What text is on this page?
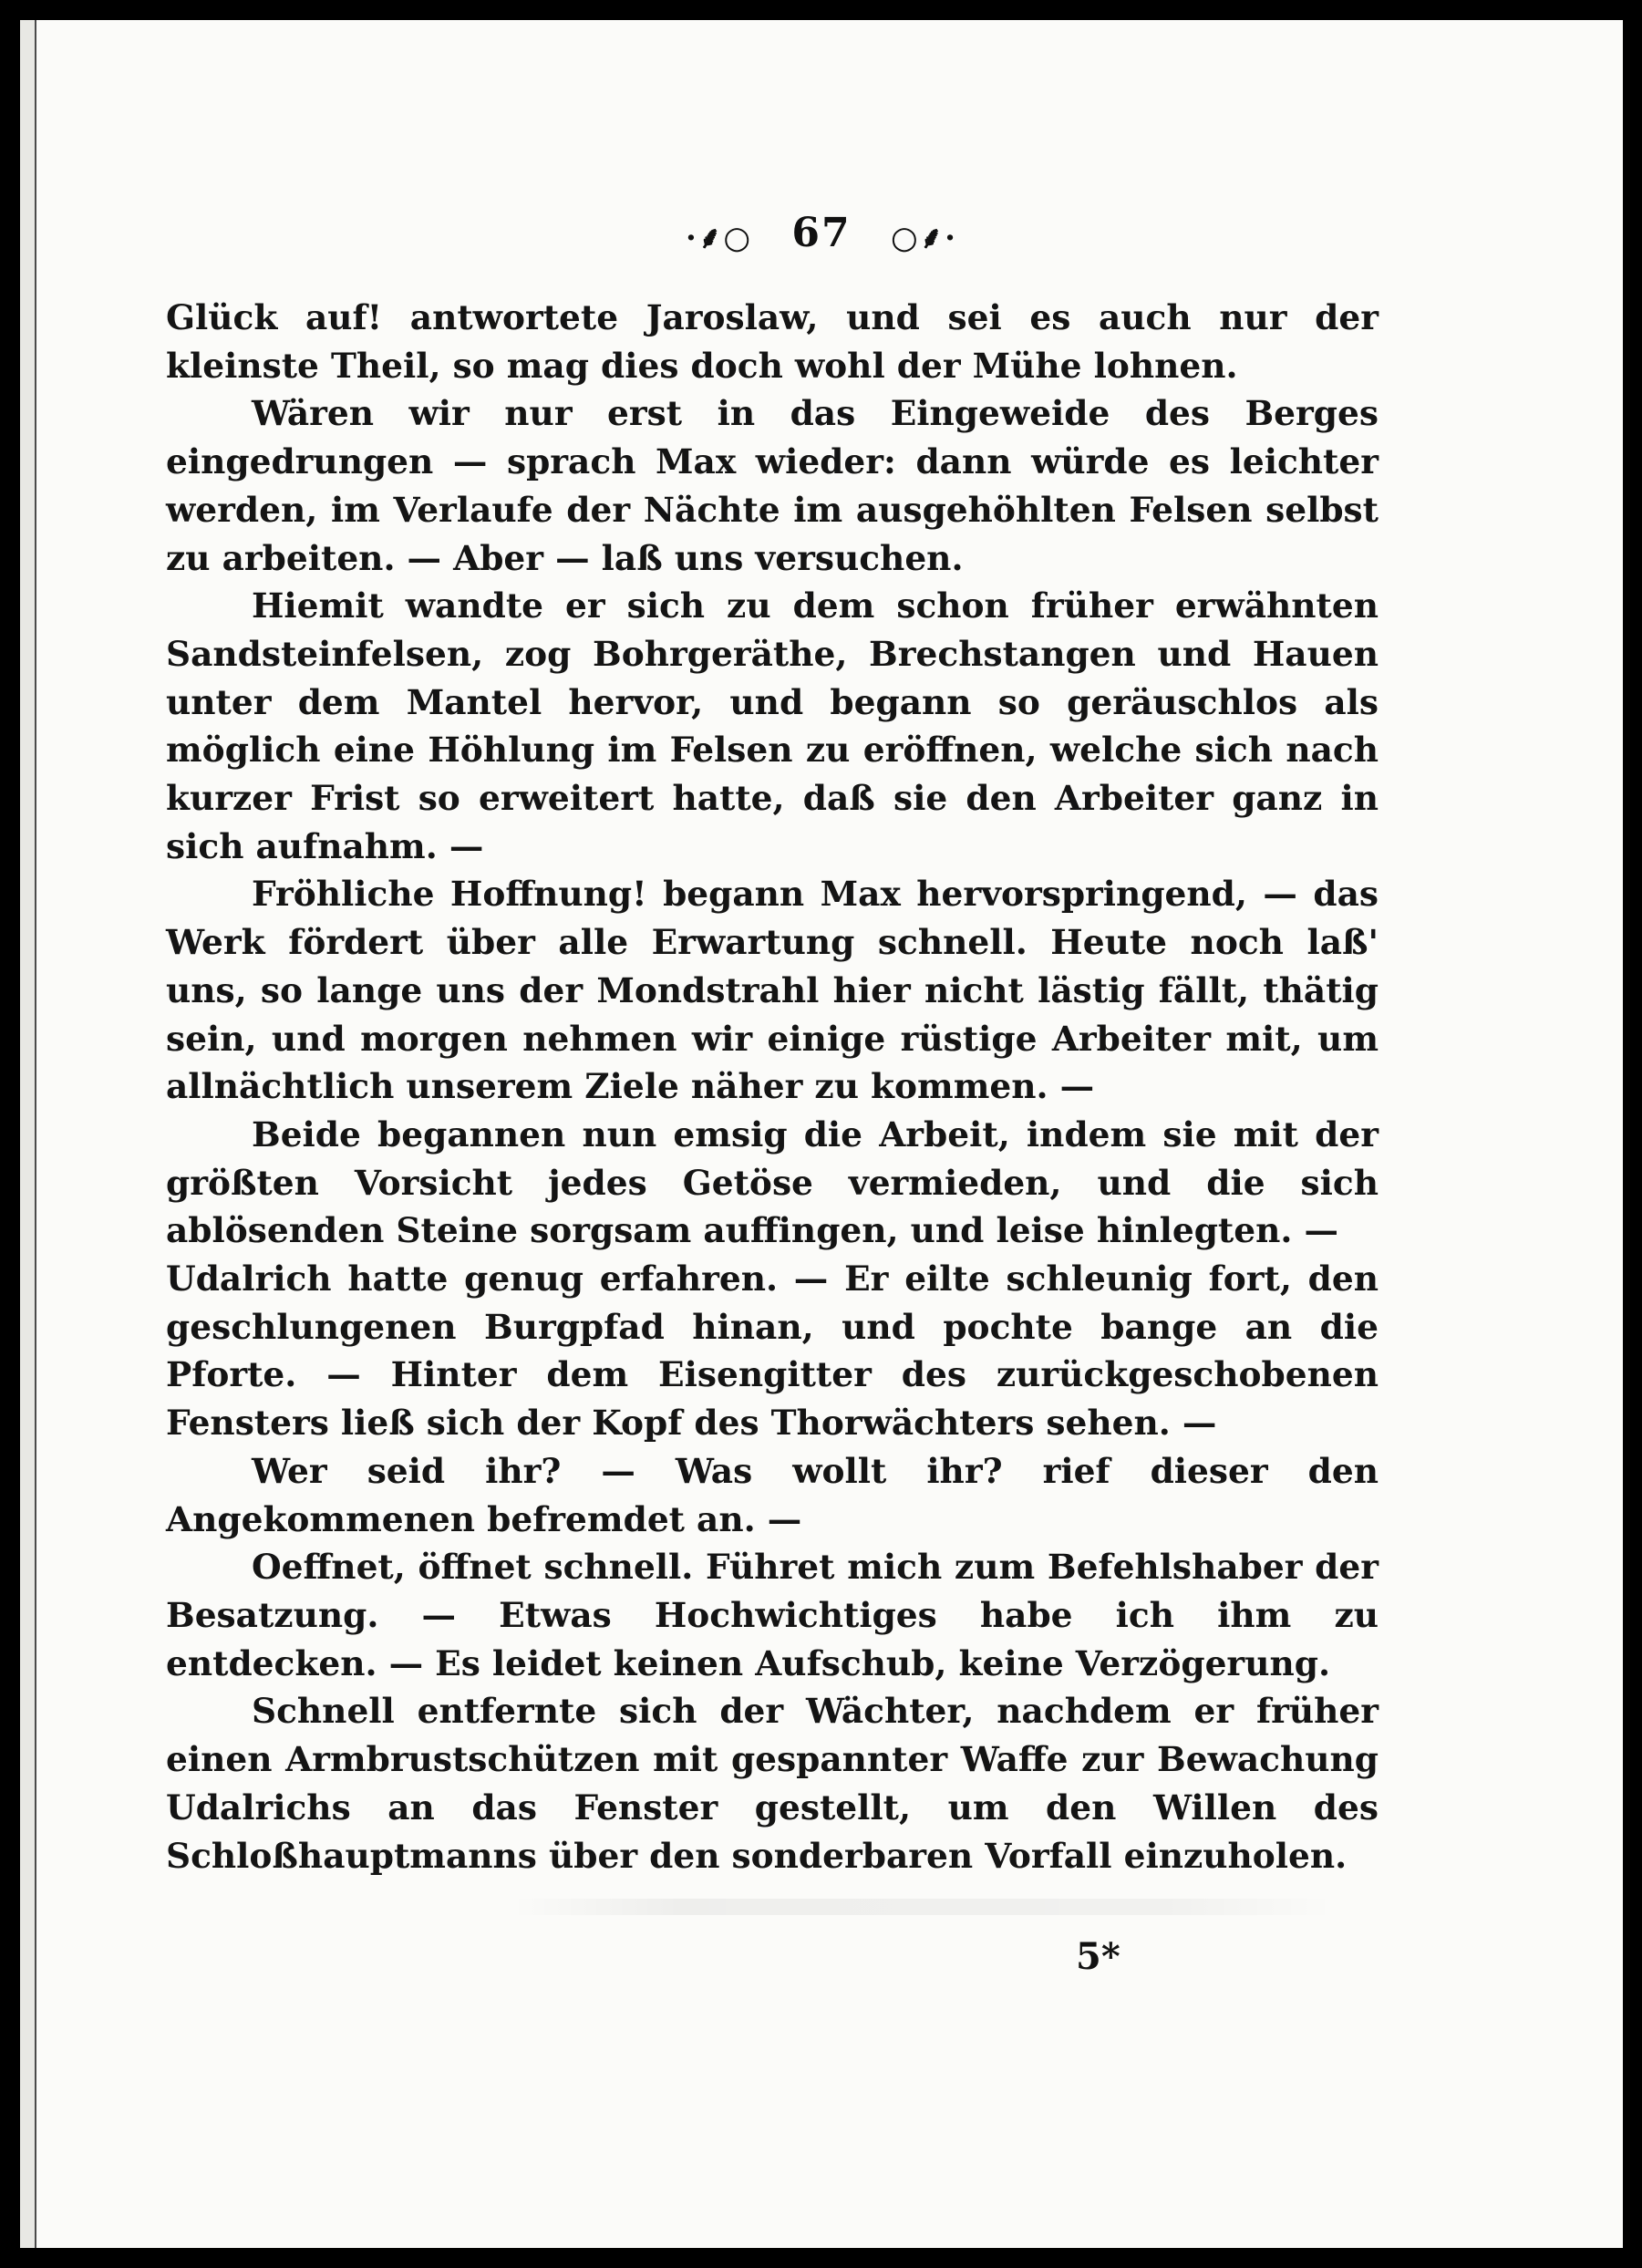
·⸙○ 67 ○⸙·

Glück auf! antwortete Jaroslaw, und sei es auch nur der kleinste Theil, so mag dies doch wohl der Mühe lohnen.

Wären wir nur erst in das Eingeweide des Berges eingedrungen — sprach Max wieder: dann würde es leichter werden, im Verlaufe der Nächte im ausgehöhlten Felsen selbst zu arbeiten. — Aber — laß uns versuchen.

Hiemit wandte er sich zu dem schon früher erwähnten Sandsteinfelsen, zog Bohrgeräthe, Brechstangen und Hauen unter dem Mantel hervor, und begann so geräuschlos als möglich eine Höhlung im Felsen zu eröffnen, welche sich nach kurzer Frist so erweitert hatte, daß sie den Arbeiter ganz in sich aufnahm. —

Fröhliche Hoffnung! begann Max hervorspringend, — das Werk fördert über alle Erwartung schnell. Heute noch laß' uns, so lange uns der Mondstrahl hier nicht lästig fällt, thätig sein, und morgen nehmen wir einige rüstige Arbeiter mit, um allnächtlich unserem Ziele näher zu kommen. —

Beide begannen nun emsig die Arbeit, indem sie mit der größten Vorsicht jedes Getöse vermieden, und die sich ablösenden Steine sorgsam auffingen, und leise hinlegten. —

Udalrich hatte genug erfahren. — Er eilte schleunig fort, den geschlungenen Burgpfad hinan, und pochte bange an die Pforte. — Hinter dem Eisengitter des zurückgeschobenen Fensters ließ sich der Kopf des Thorwächters sehen. —

Wer seid ihr? — Was wollt ihr? rief dieser den Angekommenen befremdet an. —

Oeffnet, öffnet schnell. Führet mich zum Befehlshaber der Besatzung. — Etwas Hochwichtiges habe ich ihm zu entdecken. — Es leidet keinen Aufschub, keine Verzögerung.

Schnell entfernte sich der Wächter, nachdem er früher einen Armbrustschützen mit gespannter Waffe zur Bewachung Udalrichs an das Fenster gestellt, um den Willen des Schloßhauptmanns über den sonderbaren Vorfall einzuholen.

5*
